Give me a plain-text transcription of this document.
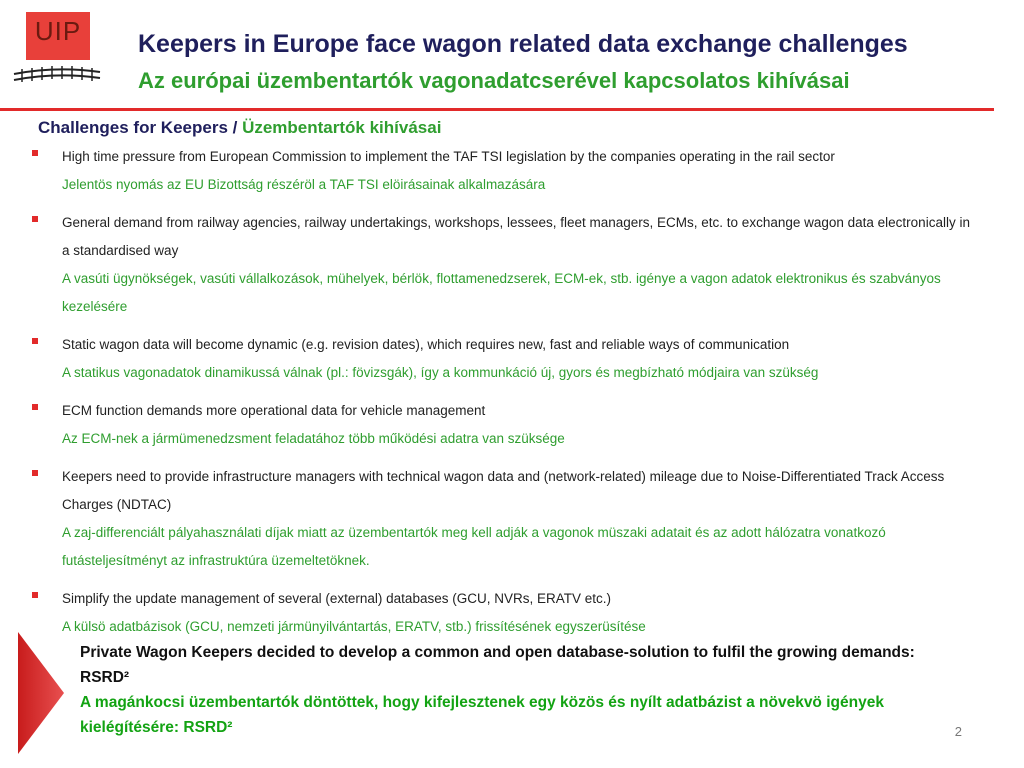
UIP	Keepers in Europe face wagon related data exchange challenges
Az európai üzembentartók vagonadatcserével kapcsolatos kihívásai
Challenges for Keepers / Üzembentartók kihívásai
High time pressure from European Commission to implement the TAF TSI legislation by the companies operating in the rail sector
Jelentös nyomás az EU Bizottság részéröl a TAF TSI elöirásainak alkalmazására
General demand from railway agencies, railway undertakings, workshops, lessees, fleet managers, ECMs, etc. to exchange wagon data electronically in a standardised way
A vasúti ügynökségek, vasúti vállalkozások, mühelyek, bérlök, flottamenedzserek, ECM-ek, stb. igénye a vagon adatok elektronikus és szabványos kezelésére
Static wagon data will become dynamic (e.g. revision dates), which requires new, fast and reliable ways of communication
A statikus vagonadatok dinamikussá válnak (pl.: fövizsgák), így a kommunkáció új, gyors és megbízható módjaira van szükség
ECM function demands more operational data for vehicle management
Az ECM-nek a jármümenedzsment feladatához több működési adatra van szüksége
Keepers need to provide infrastructure managers with technical wagon data and (network-related) mileage due to Noise-Differentiated Track Access Charges (NDTAC)
A zaj-differenciált pályahasználati díjak miatt az üzembentartók meg kell adják a vagonok müszaki adatait és az adott hálózatra vonatkozó futásteljesítményt az infrastruktúra üzemeltetöknek.
Simplify the update management of several (external) databases (GCU, NVRs, ERATV etc.)
A külsö adatbázisok (GCU, nemzeti jármünyilvántartás, ERATV, stb.) frissítésének egyszerüsítése
Private Wagon Keepers decided to develop a common and open database-solution to fulfil the growing demands: RSRD²
A magánkocsi üzembentartók döntöttek, hogy kifejlesztenek egy közös és nyílt adatbázist a növekvö igények kielégítésére: RSRD²	2
